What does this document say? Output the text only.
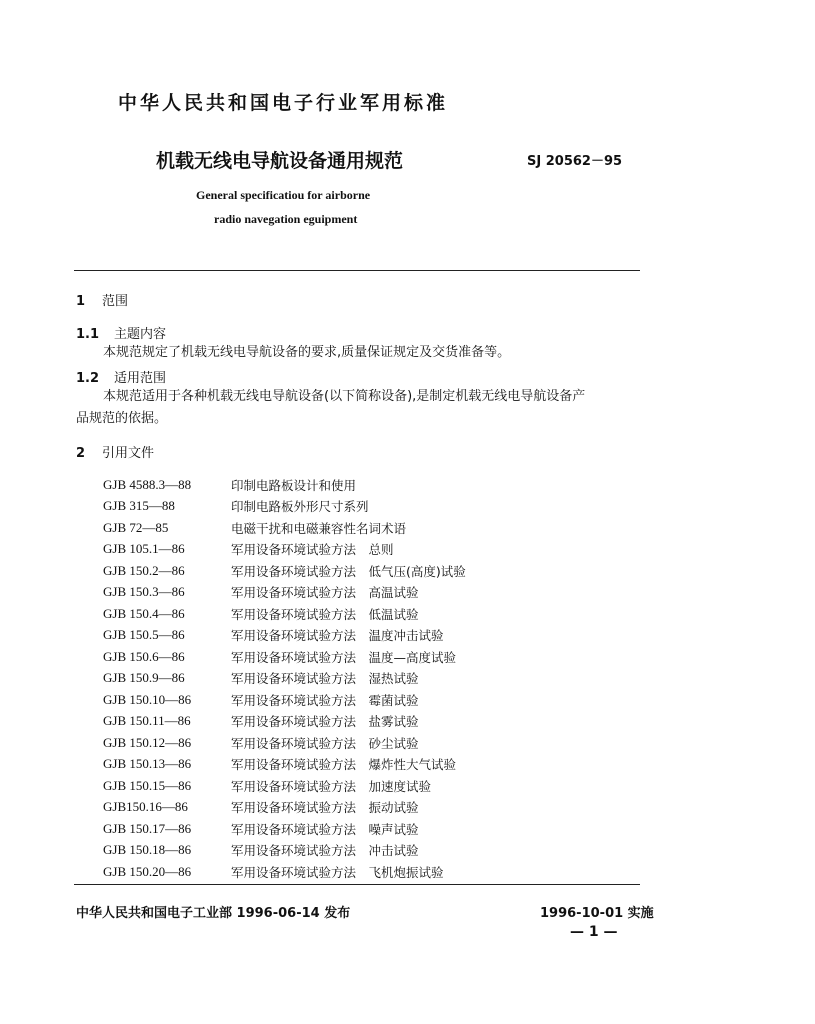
中华人民共和国电子行业军用标准
机载无线电导航设备通用规范	SJ 20562－95
General specificatiou for airborne
radio navegation eguipment
1 范围
1.1 主题内容
本规范规定了机载无线电导航设备的要求,质量保证规定及交货准备等。
1.2 适用范围
本规范适用于各种机载无线电导航设备(以下简称设备),是制定机载无线电导航设备产
品规范的依据。
2 引用文件
GJB 4588.3—88	印制电路板设计和使用
GJB 315—88	印制电路板外形尺寸系列
GJB 72—85	电磁干扰和电磁兼容性名词术语
GJB 105.1—86	军用设备环境试验方法　总则
GJB 150.2—86	军用设备环境试验方法　低气压(高度)试验
GJB 150.3—86	军用设备环境试验方法　高温试验
GJB 150.4—86	军用设备环境试验方法　低温试验
GJB 150.5—86	军用设备环境试验方法　温度冲击试验
GJB 150.6—86	军用设备环境试验方法　温度—高度试验
GJB 150.9—86	军用设备环境试验方法　湿热试验
GJB 150.10—86	军用设备环境试验方法　霉菌试验
GJB 150.11—86	军用设备环境试验方法　盐雾试验
GJB 150.12—86	军用设备环境试验方法　砂尘试验
GJB 150.13—86	军用设备环境试验方法　爆炸性大气试验
GJB 150.15—86	军用设备环境试验方法　加速度试验
GJB150.16—86	军用设备环境试验方法　振动试验
GJB 150.17—86	军用设备环境试验方法　噪声试验
GJB 150.18—86	军用设备环境试验方法　冲击试验
GJB 150.20—86	军用设备环境试验方法　飞机炮振试验
中华人民共和国电子工业部 1996-06-14 发布	1996-10-01 实施
— 1 —
